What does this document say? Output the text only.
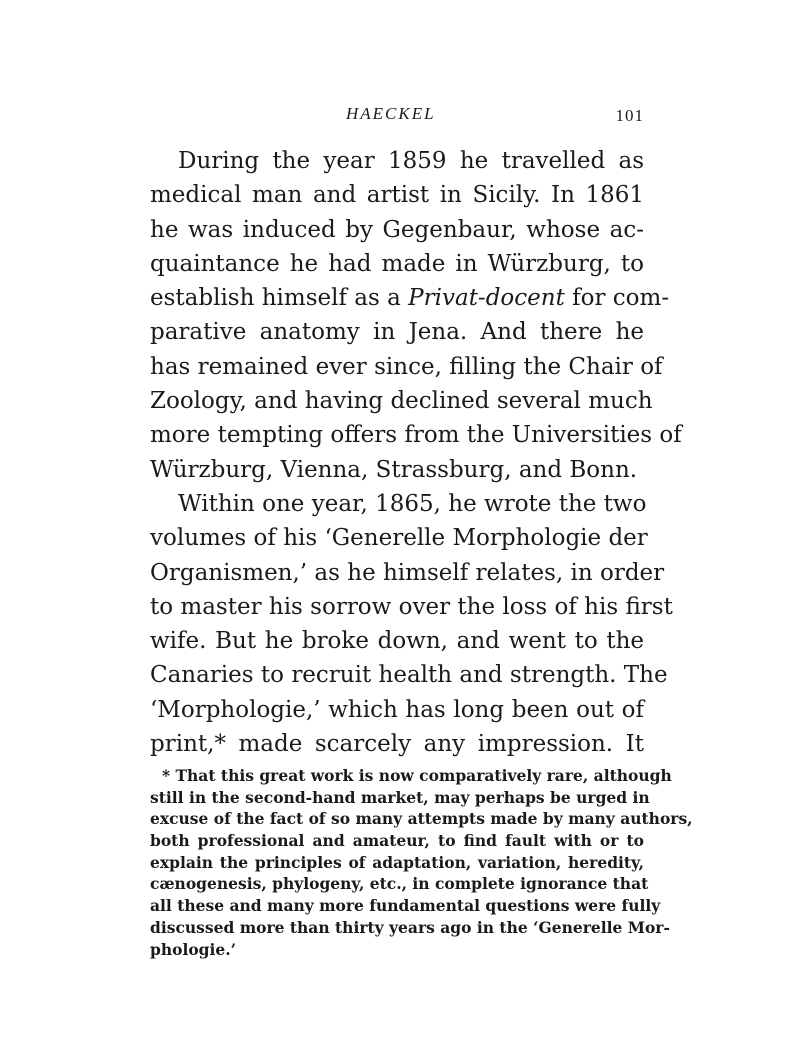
HAECKEL	101
During the year 1859 he travelled as
medical man and artist in Sicily. In 1861
he was induced by Gegenbaur, whose ac-
quaintance he had made in Würzburg, to
establish himself as a Privat-docent for com-
parative anatomy in Jena. And there he
has remained ever since, filling the Chair of
Zoology, and having declined several much
more tempting offers from the Universities of
Würzburg, Vienna, Strassburg, and Bonn.
Within one year, 1865, he wrote the two
volumes of his ‘Generelle Morphologie der
Organismen,’ as he himself relates, in order
to master his sorrow over the loss of his first
wife. But he broke down, and went to the
Canaries to recruit health and strength. The
‘Morphologie,’ which has long been out of
print,* made scarcely any impression. It
* That this great work is now comparatively rare, although
still in the second-hand market, may perhaps be urged in
excuse of the fact of so many attempts made by many authors,
both professional and amateur, to find fault with or to
explain the principles of adaptation, variation, heredity,
cænogenesis, phylogeny, etc., in complete ignorance that
all these and many more fundamental questions were fully
discussed more than thirty years ago in the ‘Generelle Mor-
phologie.’
